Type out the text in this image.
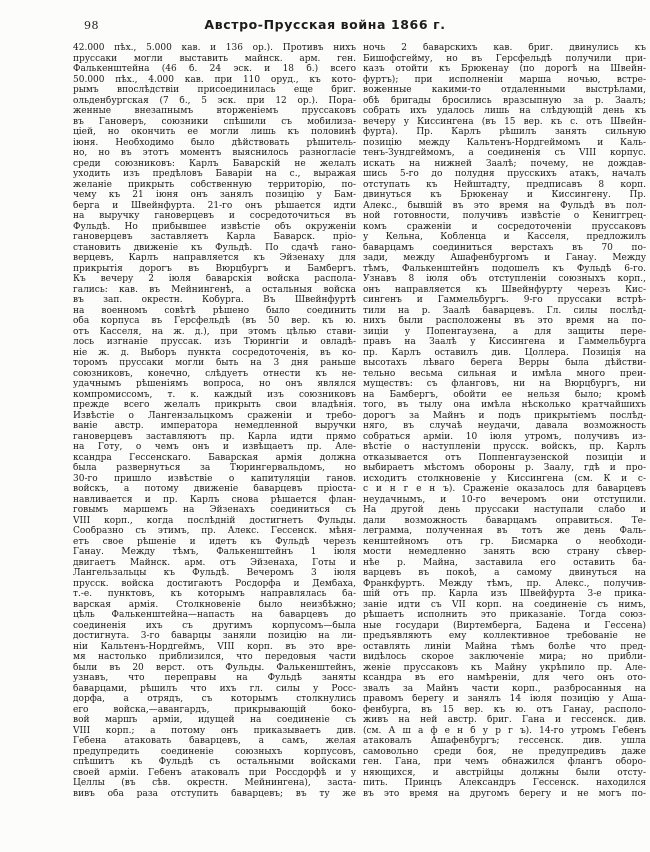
98	Австро-Прусская война 1866 г.
42.000 пѣх., 5.000 кав. и 136 ор.). Противъ нихъ
пруссаки могли выставить майнск. арм. ген.
Фалькенштейна (46 б. 24 эск. и 18 б.) всего
50.000 пѣх., 4.000 кав. при 110 оруд., къ кото-
рымъ впослѣдствіи присоединилась еще бриг.
ольденбургская (7 б., 5 эск. при 12 ор.). Пора-
женные внезапнымъ вторженіемъ пруссаковъ
въ Гановеръ, союзники спѣшили съ мобилиза-
ціей, но окончить ее могли лишь къ половинѣ
іюня. Необходимо было дѣйствовать рѣшитель-
но, но въ этотъ моментъ выяснилось разногласіе
среди союзниковъ: Карлъ Баварскій не желалъ
уходить изъ предѣловъ Баваріи на с., выражая
желаніе прикрыть собственную территорію, по-
чему къ 21 іюня онъ занялъ позицію у Бам-
берга и Швейнфурта. 21-го онъ рѣшается идти
на выручку гановерцевъ и сосредоточиться въ
Фульдѣ. Но прибывшее извѣстіе объ окруженіи
гановерцевъ заставляетъ Карла Баварск. пріо-
становить движеніе къ Фульдѣ. По сдачѣ гано-
верцевъ, Карлъ направляется къ Эйзенаху для
прикрытія дорогъ въ Вюрцбургъ и Бамбергъ.
Къ вечеру 2 іюля баварскія войска распола-
гались: кав. въ Мейнингенѣ, а остальныя войска
въ зап. окрестн. Кобурга. Въ Швейнфуртѣ
на военномъ совѣтѣ рѣшено было соединить
оба корпуса въ Герсфельдѣ (въ 50 вер. къ ю.
отъ Касселя, на ж. д.), при этомъ цѣлью стави-
лось изгнаніе пруссак. изъ Тюрингіи и овладѣ-
ніе ж. д. Выборъ пункта сосредоточенія, въ ко-
торомъ пруссаки могли быть на 3 дня раньше
союзниковъ, конечно, слѣдуетъ отнести къ не-
удачнымъ рѣшеніямъ вопроса, но онъ являлся
компромиссомъ, т. к. каждый изъ союзниковъ
прежде всего желалъ прикрыть свои владѣнія.
Извѣстіе о Лангензальцкомъ сраженіи и требо-
ваніе австр. императора немедленной выручки
гановерцевъ заставляютъ пр. Карла идти прямо
на Готу, о чемъ онъ и извѣщаетъ пр. Але-
ксандра Гессенскаго. Баварская армія должна
была развернуться за Тюрингервальдомъ, но
30-го пришло извѣствіе о капитуляціи ганов.
войскъ, а потому движеніе баварцевъ пріоста-
навливается и пр. Карлъ снова рѣшается флан-
говымъ маршемъ на Эйзенахъ соединиться съ
VIII корп., когда послѣдній достигнетъ Фульды.
Сообразно съ этимъ, пр. Алекс. Гессенск. мѣня-
етъ свое рѣшеніе и идетъ къ Фульдѣ черезъ
Ганау. Между тѣмъ, Фалькенштейнъ 1 іюля
двигаетъ Майнск. арм. отъ Эйзенаха, Готы и
Лангельзальцы къ Фульдѣ. Вечеромъ 3 іюля
прусск. войска достигаютъ Росдорфа и Дембаха,
т.-е. пунктовъ, къ которымъ направлялась ба-
варская армія. Столкновеніе было неизбѣжно;
цѣль Фалькенштейна—напасть на баварцевъ до
соединенія ихъ съ другимъ корпусомъ—была
достигнута. 3-го баварцы заняли позицію на ли-
ніи Кальтенъ-Нордгеймъ, VIII корп. въ это вре-
мя настолько приблизился, что передовыя части
были въ 20 верст. отъ Фульды. Фалькенштейнъ,
узнавъ, что переправы на Фульдѣ заняты
баварцами, рѣшилъ что ихъ гл. силы у Росс-
дорфа, а отрядъ, съ которымъ столкнулись
его войска,—авангардъ, прикрывающій боко-
вой маршъ арміи, идущей на соединеніе съ
VIII корп.; а потому онъ приказываетъ див.
Гебена атаковать баварцевъ, а самъ, желая
предупредить соединеніе союзныхъ корпусовъ,
спѣшитъ къ Фульдѣ съ остальными войсками
своей арміи. Гебенъ атаковалъ при Россдорфѣ и у
Целлы (въ сѣв. окрестн. Мейнингена), заста-
вивъ оба раза отступить баварцевъ; въ ту же
ночь 2 баварскихъ кав. бриг. двинулись къ
Бишофсгейму, но въ Герсфельдѣ получили при-
казъ отойти къ Брюкенау (по дорогѣ на Швейн-
фуртъ); при исполненіи марша ночью, встре-
воженные какими-то отдаленными выстрѣлами,
обѣ бригады бросились вразсыпную за р. Заалъ;
собрать ихъ удалось лишь на слѣдующій день къ
вечеру у Киссингена (въ 15 вер. къ с. отъ Швейн-
фурта). Пр. Карлъ рѣшилъ занять сильную
позицію между Кальтенъ-Нордгеймомъ и Каль-
тенъ-Зундгеймомъ, а соединенія съ VIII корпус.
искать на нижней Заалѣ; почему, не дождав-
шись 5-го до полудня прусскихъ атакъ, началъ
отступать къ Нейштадту, предписавъ 8 корп.
двинуться къ Брюкенау и Киссингену. Пр.
Алекс., бывшій въ это время на Фульдѣ въ пол-
ной готовности, получивъ извѣстіе о Кениггрец-
комъ сраженіи и сосредоточеніи пруссаковъ
у Кельна, Кобленца и Касселя, предложилъ
баварцамъ соединиться верстахъ въ 70 по-
зади, между Ашафенбургомъ и Ганау. Между
тѣмъ, Фалькенштейнъ подошелъ къ Фульдѣ 6-го.
Узнавъ 8 іюля объ отступленіи союзныхъ корп.,
онъ направляется къ Швейнфурту черезъ Кис-
сингенъ и Гаммельбургъ. 9-го пруссаки встрѣ-
тили на р. Заалѣ баварцевъ. Гл. силы послѣд-
нихъ были расположены въ это время на по-
зиціи у Попенгаузена, а для защиты пере-
правъ на Заалѣ у Киссингена и Гаммельбурга
пр. Карлъ оставилъ див. Цоллера. Позиція на
высотахъ лѣваго берега Верры была дѣйстви-
тельно весьма сильная и имѣла много преи-
муществъ: съ фланговъ, ни на Вюрцбургъ, ни
на Бамбергъ, обойти ее нельзя было; кромѣ
того, въ тылу она имѣла нѣсколько кратчайшихъ
дорогъ за Майнъ и подъ прикрытіемъ послѣд-
няго, въ случаѣ неудачи, давала возможность
собраться арміи. 10 іюля утромъ, получивъ из-
вѣстіе о наступленіи прусск. войскъ, пр. Карлъ
отказывается отъ Поппенгаузенской позиціи и
выбираетъ мѣстомъ обороны р. Заалу, гдѣ и про-
исходитъ столкновеніе у Киссингена (см. К и с-
с и н г е н ъ). Сраженіе оказалось для баварцевъ
неудачнымъ, и 10-го вечеромъ они отступили.
На другой день пруссаки наступали слабо и
дали возможность баварцамъ оправиться. Те-
леграмма, полученная въ тотъ же день Фаль-
кенштейномъ отъ гр. Бисмарка о необходи-
мости немедленно занять всю страну сѣвер-
нѣе р. Майна, заставила его оставить ба-
варцевъ въ покоѣ, а самому двинуться на
Франкфуртъ. Между тѣмъ, пр. Алекс., получив-
шій отъ пр. Карла изъ Швейфурта 3-е прика-
заніе идти съ VII корп. на соединеніе съ нимъ,
рѣшаетъ исполнить это приказаніе. Тогда союз-
ные государи (Виртемберга, Бадена и Гессена)
предъявляютъ ему коллективное требованіе не
оставлять линіи Майна тѣмъ болѣе что пред-
видѣлось скорое заключеніе мира; но прибли-
женіе пруссаковъ къ Майну укрѣпило пр. Але-
ксандра въ его намѣреніи, для чего онъ ото-
звалъ за Майнъ части корп., разбросанныя на
правомъ берегу и занялъ 14 іюля позицію у Аша-
фенбурга, въ 15 вер. къ ю. отъ Ганау, располо-
живъ на ней австр. бриг. Гана и гессенск. див.
(см. А ш а ф е н б у р г ъ). 14-го утромъ Гебенъ
атаковалъ Ашафенбургъ; гессенск. див. ушла
самовольно среди боя, не предупредивъ даже
ген. Гана, при чемъ обнажился флангъ оборо-
няющихся, и австрійцы должны были отсту-
пить. Принцъ Александръ Гессенск. находился
въ это время на другомъ берегу и не могъ по-
